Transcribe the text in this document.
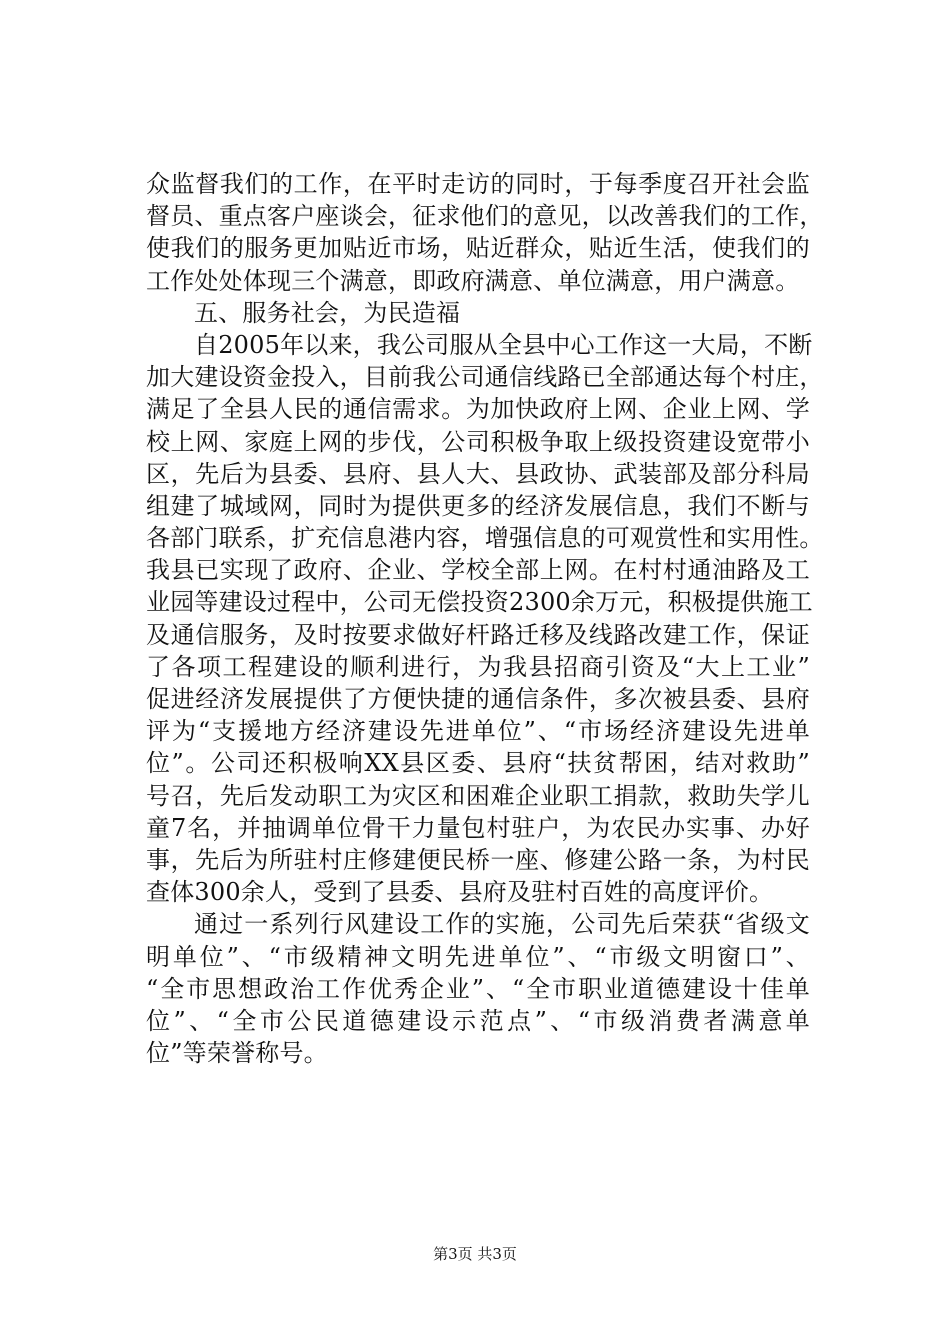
众监督我们的工作，在平时走访的同时，于每季度召开社会监
督员、重点客户座谈会，征求他们的意见，以改善我们的工作，
使我们的服务更加贴近市场，贴近群众，贴近生活，使我们的
工作处处体现三个满意，即政府满意、单位满意，用户满意。
五、服务社会，为民造福
自2005年以来，我公司服从全县中心工作这一大局，不断
加大建设资金投入，目前我公司通信线路已全部通达每个村庄，
满足了全县人民的通信需求。为加快政府上网、企业上网、学
校上网、家庭上网的步伐，公司积极争取上级投资建设宽带小
区，先后为县委、县府、县人大、县政协、武装部及部分科局
组建了城域网，同时为提供更多的经济发展信息，我们不断与
各部门联系，扩充信息港内容，增强信息的可观赏性和实用性。
我县已实现了政府、企业、学校全部上网。在村村通油路及工
业园等建设过程中，公司无偿投资2300余万元，积极提供施工
及通信服务，及时按要求做好杆路迁移及线路改建工作，保证
了各项工程建设的顺利进行，为我县招商引资及“大上工业”
促进经济发展提供了方便快捷的通信条件，多次被县委、县府
评为“支援地方经济建设先进单位”、“市场经济建设先进单
位”。公司还积极响XX县区委、县府“扶贫帮困，结对救助”
号召，先后发动职工为灾区和困难企业职工捐款，救助失学儿
童7名，并抽调单位骨干力量包村驻户，为农民办实事、办好
事，先后为所驻村庄修建便民桥一座、修建公路一条，为村民
查体300余人，受到了县委、县府及驻村百姓的高度评价。
通过一系列行风建设工作的实施，公司先后荣获“省级文
明单位”、“市级精神文明先进单位”、“市级文明窗口”、
“全市思想政治工作优秀企业”、“全市职业道德建设十佳单
位”、“全市公民道德建设示范点”、“市级消费者满意单
位”等荣誉称号。
第3页 共3页
